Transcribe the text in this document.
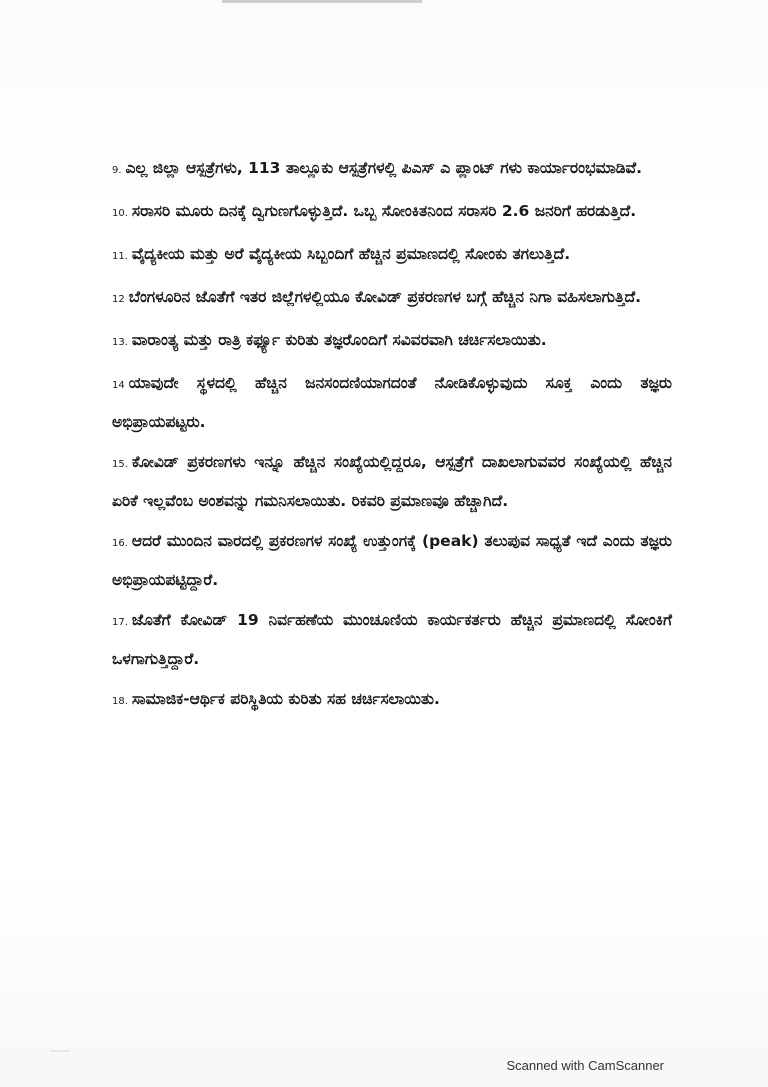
9. ಎಲ್ಲ ಜಿಲ್ಲಾ ಆಸ್ಪತ್ರೆಗಳು, 113 ತಾಲ್ಲೂಕು ಆಸ್ಪತ್ರೆಗಳಲ್ಲಿ ಪಿಎಸ್ ಎ ಪ್ಲಾಂಟ್ ಗಳು ಕಾರ್ಯಾರಂಭಮಾಡಿವೆ.
10. ಸರಾಸರಿ ಮೂರು ದಿನಕ್ಕೆ ದ್ವಿಗುಣಗೊಳ್ಳುತ್ತಿದೆ. ಒಬ್ಬ ಸೋಂಕಿತನಿಂದ ಸರಾಸರಿ 2.6 ಜನರಿಗೆ ಹರಡುತ್ತಿದೆ.
11. ವೈದ್ಯಕೀಯ ಮತ್ತು ಅರೆ ವೈದ್ಯಕೀಯ ಸಿಬ್ಬಂದಿಗೆ ಹೆಚ್ಚಿನ ಪ್ರಮಾಣದಲ್ಲಿ ಸೋಂಕು ತಗಲುತ್ತಿದೆ.
12 ಬೆಂಗಳೂರಿನ ಜೊತೆಗೆ ಇತರ ಜಿಲ್ಲೆಗಳಲ್ಲಿಯೂ ಕೋವಿಡ್ ಪ್ರಕರಣಗಳ ಬಗ್ಗೆ ಹೆಚ್ಚಿನ ನಿಗಾ ವಹಿಸಲಾಗುತ್ತಿದೆ.
13. ವಾರಾಂತ್ಯ ಮತ್ತು ರಾತ್ರಿ ಕರ್ಫ್ಯೂ ಕುರಿತು ತಜ್ಞರೊಂದಿಗೆ ಸವಿವರವಾಗಿ ಚರ್ಚಿಸಲಾಯಿತು.
14 ಯಾವುದೇ ಸ್ಥಳದಲ್ಲಿ ಹೆಚ್ಚಿನ ಜನಸಂದಣಿಯಾಗದಂತೆ ನೋಡಿಕೊಳ್ಳುವುದು ಸೂಕ್ತ ಎಂದು ತಜ್ಞರು ಅಭಿಪ್ರಾಯಪಟ್ಟರು.
15. ಕೋವಿಡ್ ಪ್ರಕರಣಗಳು ಇನ್ನೂ ಹೆಚ್ಚಿನ ಸಂಖ್ಯೆಯಲ್ಲಿದ್ದರೂ, ಆಸ್ಪತ್ರೆಗೆ ದಾಖಲಾಗುವವರ ಸಂಖ್ಯೆಯಲ್ಲಿ ಹೆಚ್ಚಿನ ಏರಿಕೆ ಇಲ್ಲವೆಂಬ ಅಂಶವನ್ನು ಗಮನಿಸಲಾಯಿತು. ರಿಕವರಿ ಪ್ರಮಾಣವೂ ಹೆಚ್ಚಾಗಿದೆ.
16. ಆದರೆ ಮುಂದಿನ ವಾರದಲ್ಲಿ ಪ್ರಕರಣಗಳ ಸಂಖ್ಯೆ ಉತ್ತುಂಗಕ್ಕೆ (peak) ತಲುಪುವ ಸಾಧ್ಯತೆ ಇದೆ ಎಂದು ತಜ್ಞರು ಅಭಿಪ್ರಾಯಪಟ್ಟಿದ್ದಾರೆ.
17. ಜೊತೆಗೆ ಕೋವಿಡ್ 19 ನಿರ್ವಹಣೆಯ ಮುಂಚೂಣಿಯ ಕಾರ್ಯಕರ್ತರು ಹೆಚ್ಚಿನ ಪ್ರಮಾಣದಲ್ಲಿ ಸೋಂಕಿಗೆ ಒಳಗಾಗುತ್ತಿದ್ದಾರೆ.
18. ಸಾಮಾಜಿಕ-ಆರ್ಥಿಕ ಪರಿಸ್ಥಿತಿಯ ಕುರಿತು ಸಹ ಚರ್ಚಿಸಲಾಯಿತು.
Scanned with CamScanner
